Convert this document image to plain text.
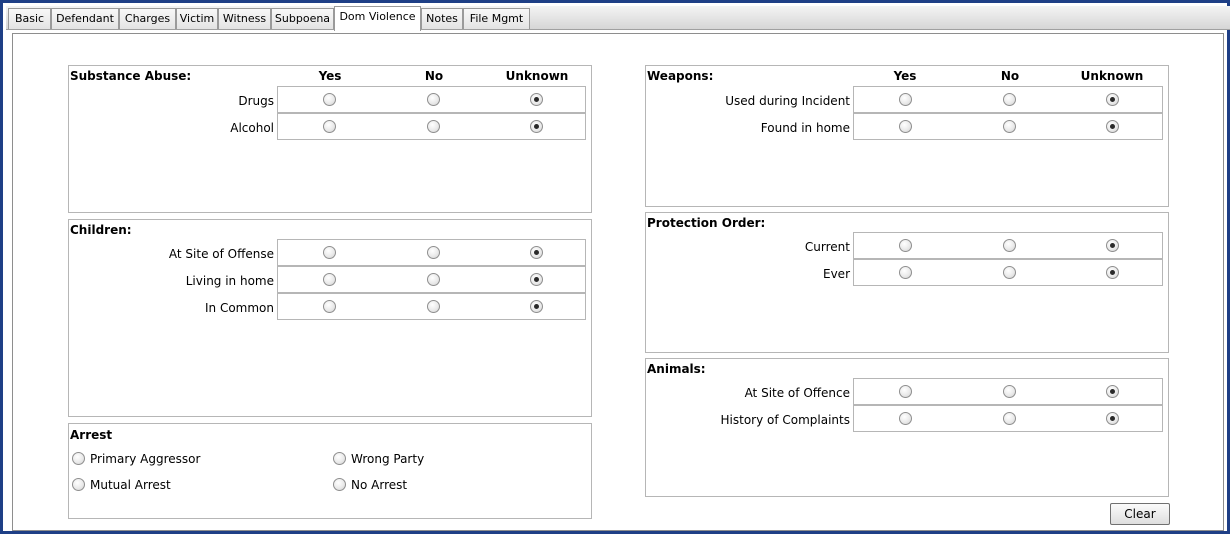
Basic	Defendant Charges Victim Witness Subpoena Dom Violence Notes	File Mgmt
Substance Abuse:	Yes	No	Unknown
Drugs
Alcohol
Children:
At Site of Offense
Living in home
In Common
Arrest
Primary Aggressor	Wrong Party
Mutual Arrest	No Arrest
Weapons:	Yes	No	Unknown
Used during Incident
Found in home
Protection Order:
Current
Ever
Animals:
At Site of Offence
History of Complaints
Clear
